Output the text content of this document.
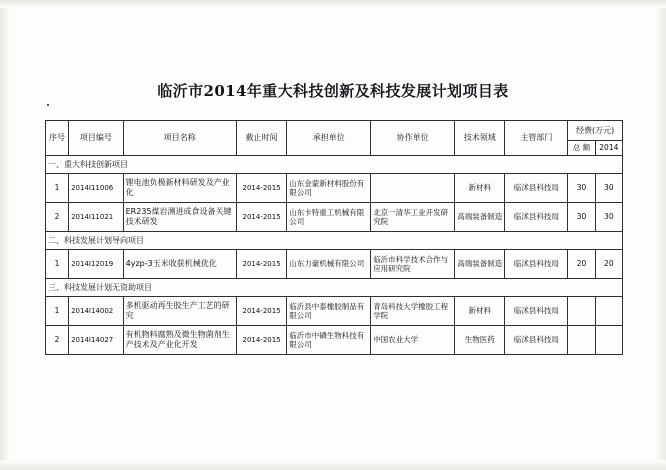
临沂市2014年重大科技创新及科技发展计划项目表
序号	项目编号	项目名称	截止时间	承担单位	协作单位	技术领域	主管部门	经费(万元)	
								总 额	2014
一、重大科技创新项目									
1	2014I11006	锂电池负极新材料研发及产业化	2014-2015	山东金蒙新材料股份有限公司		新材料	临沭县科技局	30	30
2	2014I11021	ER235煤岩测进成食设备关键技术研发	2014-2015	山东卡特重工机械有限公司	北京一清华工业开发研究院	高端装备制造	临沭县科技局	30	30
二、科技发展计划导向项目									
1	2014I12019	4yzp-3玉米收获机械优化	2014-2015	山东力豪机械有限公司	临沂市科学技术合作与应用研究院	高端装备制造	临沭县科技局	20	20
三、科技发展计划无资助项目									
1	2014I14002	多机驱动再生胶生产工艺的研究	2014-2015	临沂县中泰橡胶制品有限公司	青岛科技大学橡胶工程学院	新材料	临沭县科技局		
2	2014I14027	有机物料腐熟及微生物菌剂生产技术及产业化开发	2014-2015	临沂市中磷生物科技有限公司	中国农业大学	生物医药	临沭县科技局		
